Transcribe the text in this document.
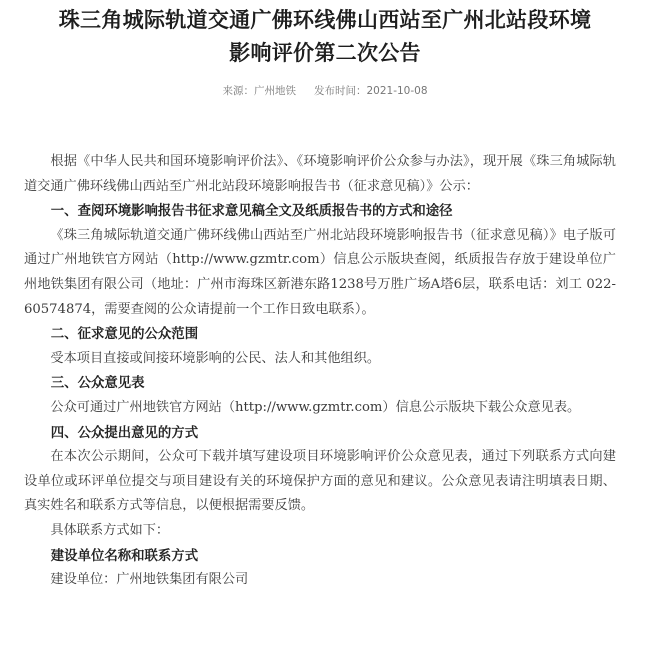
珠三角城际轨道交通广佛环线佛山西站至广州北站段环境
影响评价第二次公告
来源：广州地铁 发布时间：2021-10-08

根据《中华人民共和国环境影响评价法》、《环境影响评价公众参与办法》，现开展《珠三角城际轨道交通广佛环线佛山西站至广州北站段环境影响报告书（征求意见稿）》公示：

一、查阅环境影响报告书征求意见稿全文及纸质报告书的方式和途径

《珠三角城际轨道交通广佛环线佛山西站至广州北站段环境影响报告书（征求意见稿）》电子版可通过广州地铁官方网站（http://www.gzmtr.com）信息公示版块查阅，纸质报告存放于建设单位广州地铁集团有限公司（地址：广州市海珠区新港东路1238号万胜广场A塔6层，联系电话：刘工 022-60574874，需要查阅的公众请提前一个工作日致电联系）。

二、征求意见的公众范围

受本项目直接或间接环境影响的公民、法人和其他组织。

三、公众意见表

公众可通过广州地铁官方网站（http://www.gzmtr.com）信息公示版块下载公众意见表。

四、公众提出意见的方式

在本次公示期间，公众可下载并填写建设项目环境影响评价公众意见表，通过下列联系方式向建设单位或环评单位提交与项目建设有关的环境保护方面的意见和建议。公众意见表请注明填表日期、真实姓名和联系方式等信息，以便根据需要反馈。

具体联系方式如下：

建设单位名称和联系方式

建设单位：广州地铁集团有限公司
